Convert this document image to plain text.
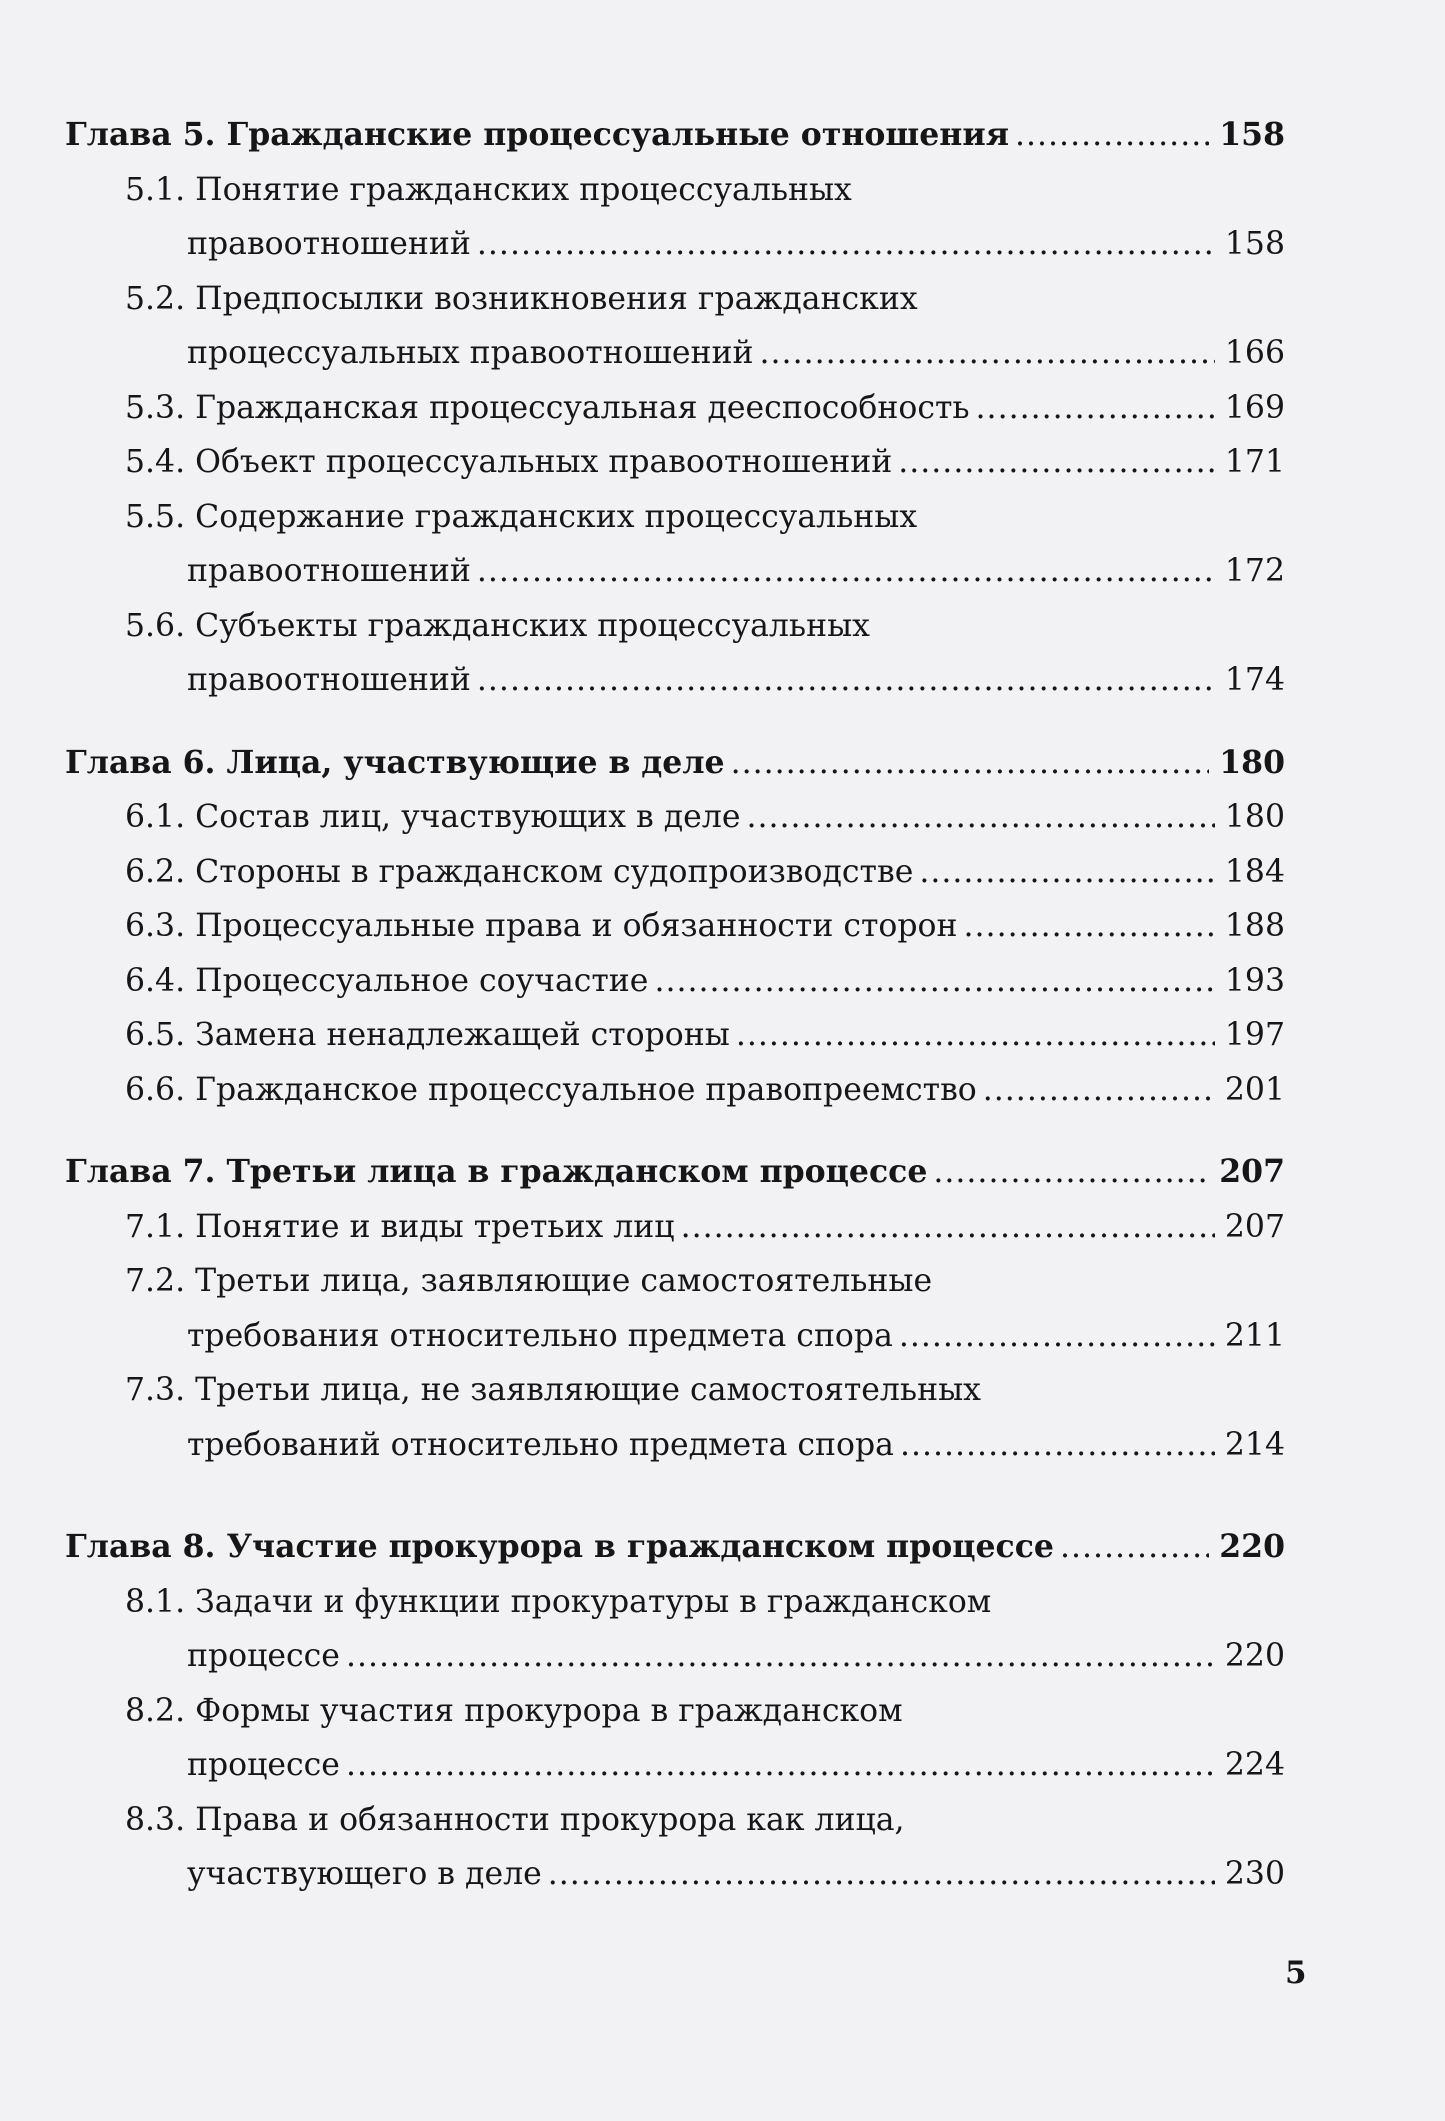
Глава 5. Гражданские процессуальные отношения .....	158
5.1. Понятие гражданских процессуальных
правоотношений .....	158
5.2. Предпосылки возникновения гражданских
процессуальных правоотношений .....	166
5.3. Гражданская процессуальная дееспособность .....	169
5.4. Объект процессуальных правоотношений .....	171
5.5. Содержание гражданских процессуальных
правоотношений .....	172
5.6. Субъекты гражданских процессуальных
правоотношений .....	174
Глава 6. Лица, участвующие в деле .....	180
6.1. Состав лиц, участвующих в деле .....	180
6.2. Стороны в гражданском судопроизводстве .....	184
6.3. Процессуальные права и обязанности сторон .....	188
6.4. Процессуальное соучастие .....	193
6.5. Замена ненадлежащей стороны .....	197
6.6. Гражданское процессуальное правопреемство .....	201
Глава 7. Третьи лица в гражданском процессе .....	207
7.1. Понятие и виды третьих лиц .....	207
7.2. Третьи лица, заявляющие самостоятельные
требования относительно предмета спора .....	211
7.3. Третьи лица, не заявляющие самостоятельных
требований относительно предмета спора .....	214
Глава 8. Участие прокурора в гражданском процессе .....	220
8.1. Задачи и функции прокуратуры в гражданском
процессе .....	220
8.2. Формы участия прокурора в гражданском
процессе .....	224
8.3. Права и обязанности прокурора как лица,
участвующего в деле .....	230
5
